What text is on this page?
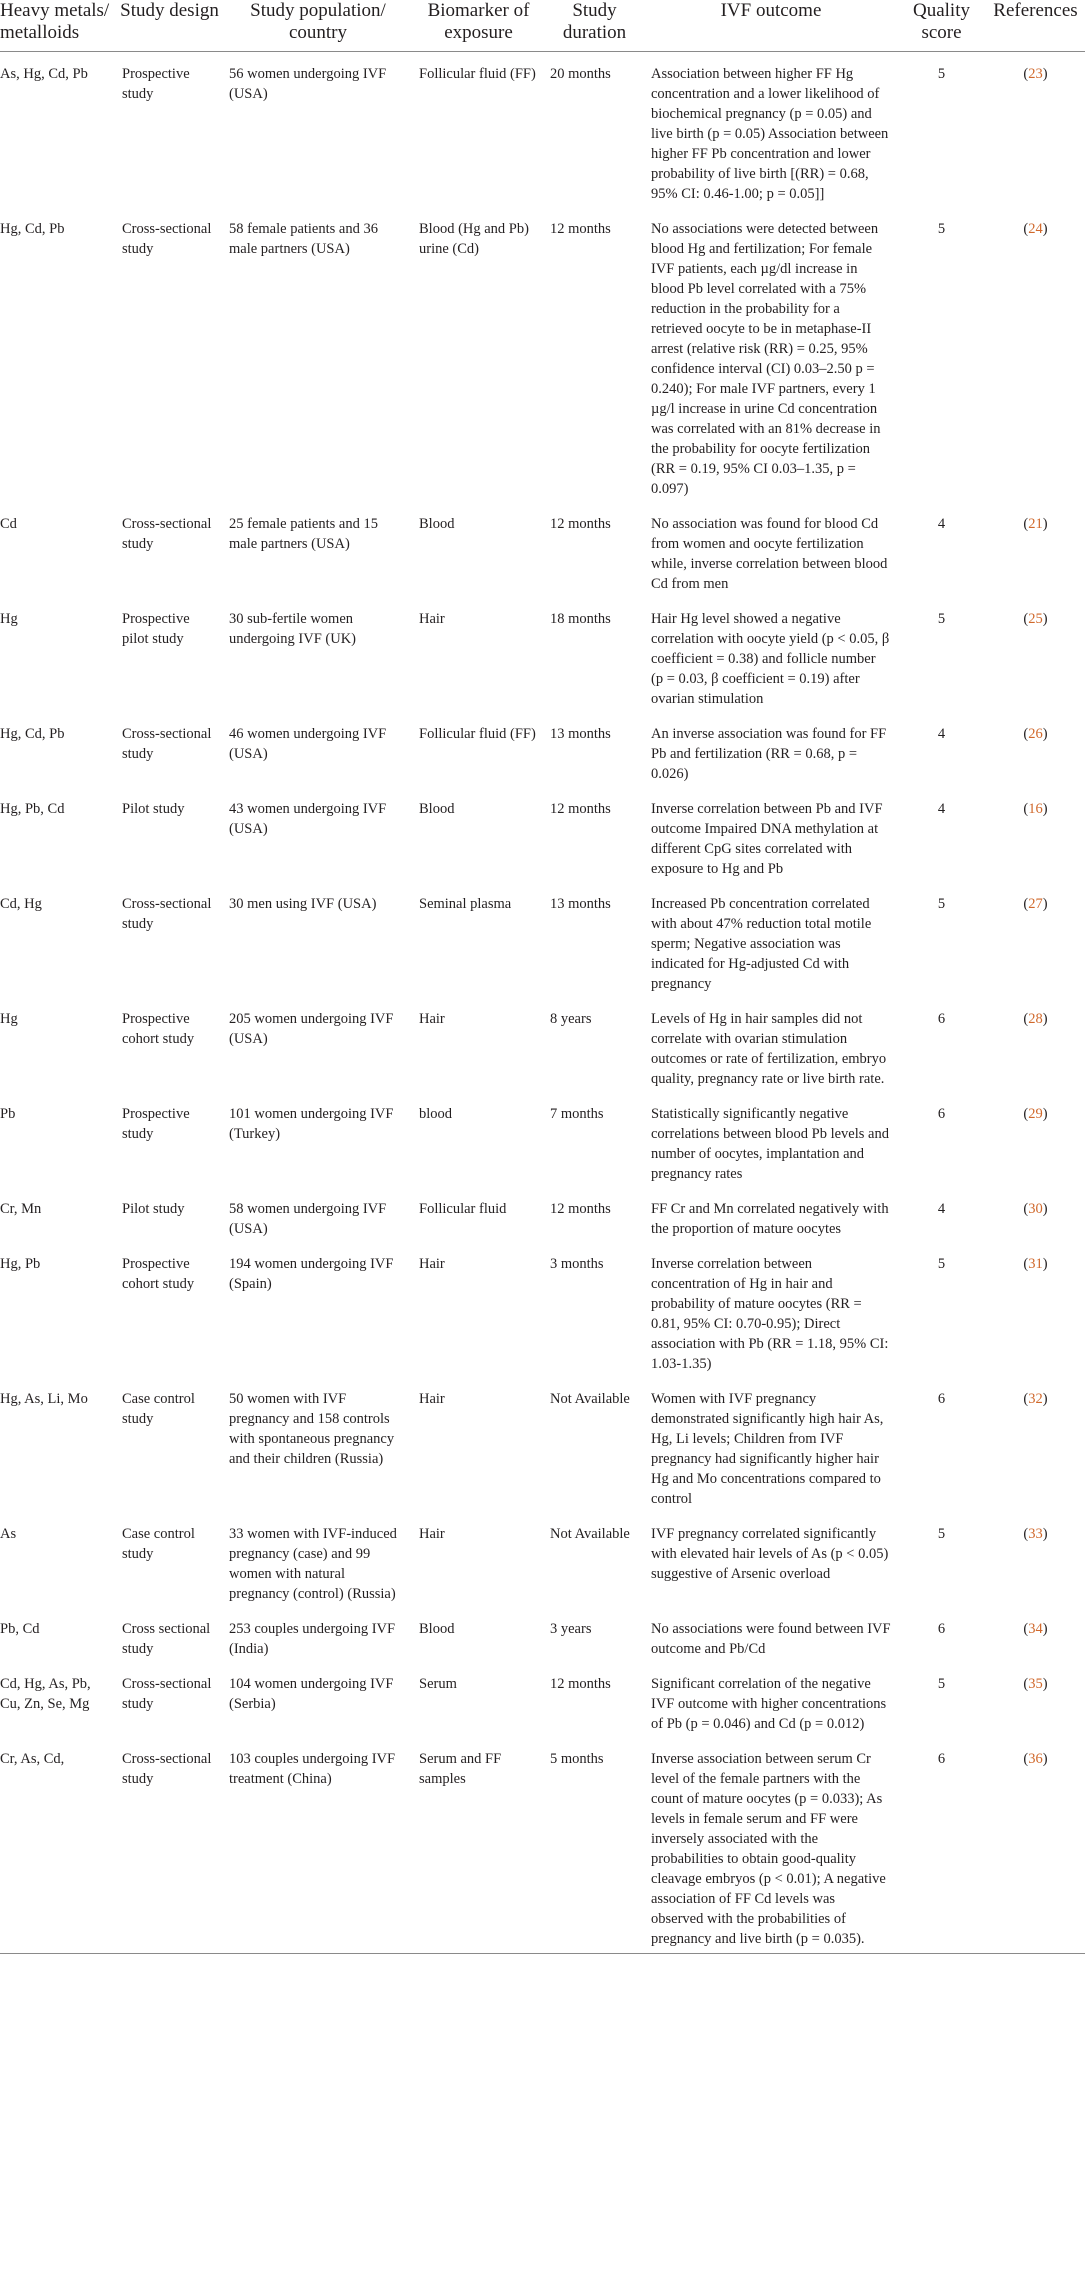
Heavy metals/ metalloids	Study design	Study population/ country	Biomarker of exposure	Study duration	IVF outcome	Quality score	References
As, Hg, Cd, Pb	Prospective study	56 women undergoing IVF (USA)	Follicular fluid (FF)	20 months	Association between higher FF Hg concentration and a lower likelihood of biochemical pregnancy (p = 0.05) and live birth (p = 0.05) Association between higher FF Pb concentration and lower probability of live birth [(RR) = 0.68, 95% CI: 0.46-1.00; p = 0.05]]	5	(23)
Hg, Cd, Pb	Cross-sectional study	58 female patients and 36 male partners (USA)	Blood (Hg and Pb) urine (Cd)	12 months	No associations were detected between blood Hg and fertilization; For female IVF patients, each µg/dl increase in blood Pb level correlated with a 75% reduction in the probability for a retrieved oocyte to be in metaphase-II arrest (relative risk (RR) = 0.25, 95% confidence interval (CI) 0.03–2.50 p = 0.240); For male IVF partners, every 1 µg/l increase in urine Cd concentration was correlated with an 81% decrease in the probability for oocyte fertilization (RR = 0.19, 95% CI 0.03–1.35, p = 0.097)	5	(24)
Cd	Cross-sectional study	25 female patients and 15 male partners (USA)	Blood	12 months	No association was found for blood Cd from women and oocyte fertilization while, inverse correlation between blood Cd from men	4	(21)
Hg	Prospective pilot study	30 sub-fertile women undergoing IVF (UK)	Hair	18 months	Hair Hg level showed a negative correlation with oocyte yield (p < 0.05, β coefficient = 0.38) and follicle number (p = 0.03, β coefficient = 0.19) after ovarian stimulation	5	(25)
Hg, Cd, Pb	Cross-sectional study	46 women undergoing IVF (USA)	Follicular fluid (FF)	13 months	An inverse association was found for FF Pb and fertilization (RR = 0.68, p = 0.026)	4	(26)
Hg, Pb, Cd	Pilot study	43 women undergoing IVF (USA)	Blood	12 months	Inverse correlation between Pb and IVF outcome Impaired DNA methylation at different CpG sites correlated with exposure to Hg and Pb	4	(16)
Cd, Hg	Cross-sectional study	30 men using IVF (USA)	Seminal plasma	13 months	Increased Pb concentration correlated with about 47% reduction total motile sperm; Negative association was indicated for Hg-adjusted Cd with pregnancy	5	(27)
Hg	Prospective cohort study	205 women undergoing IVF (USA)	Hair	8 years	Levels of Hg in hair samples did not correlate with ovarian stimulation outcomes or rate of fertilization, embryo quality, pregnancy rate or live birth rate.	6	(28)
Pb	Prospective study	101 women undergoing IVF (Turkey)	blood	7 months	Statistically significantly negative correlations between blood Pb levels and number of oocytes, implantation and pregnancy rates	6	(29)
Cr, Mn	Pilot study	58 women undergoing IVF (USA)	Follicular fluid	12 months	FF Cr and Mn correlated negatively with the proportion of mature oocytes	4	(30)
Hg, Pb	Prospective cohort study	194 women undergoing IVF (Spain)	Hair	3 months	Inverse correlation between concentration of Hg in hair and probability of mature oocytes (RR = 0.81, 95% CI: 0.70-0.95); Direct association with Pb (RR = 1.18, 95% CI: 1.03-1.35)	5	(31)
Hg, As, Li, Mo	Case control study	50 women with IVF pregnancy and 158 controls with spontaneous pregnancy and their children (Russia)	Hair	Not Available	Women with IVF pregnancy demonstrated significantly high hair As, Hg, Li levels; Children from IVF pregnancy had significantly higher hair Hg and Mo concentrations compared to control	6	(32)
As	Case control study	33 women with IVF-induced pregnancy (case) and 99 women with natural pregnancy (control) (Russia)	Hair	Not Available	IVF pregnancy correlated significantly with elevated hair levels of As (p < 0.05) suggestive of Arsenic overload	5	(33)
Pb, Cd	Cross sectional study	253 couples undergoing IVF (India)	Blood	3 years	No associations were found between IVF outcome and Pb/Cd	6	(34)
Cd, Hg, As, Pb, Cu, Zn, Se, Mg	Cross-sectional study	104 women undergoing IVF (Serbia)	Serum	12 months	Significant correlation of the negative IVF outcome with higher concentrations of Pb (p = 0.046) and Cd (p = 0.012)	5	(35)
Cr, As, Cd,	Cross-sectional study	103 couples undergoing IVF treatment (China)	Serum and FF samples	5 months	Inverse association between serum Cr level of the female partners with the count of mature oocytes (p = 0.033); As levels in female serum and FF were inversely associated with the probabilities to obtain good-quality cleavage embryos (p < 0.01); A negative association of FF Cd levels was observed with the probabilities of pregnancy and live birth (p = 0.035).	6	(36)
